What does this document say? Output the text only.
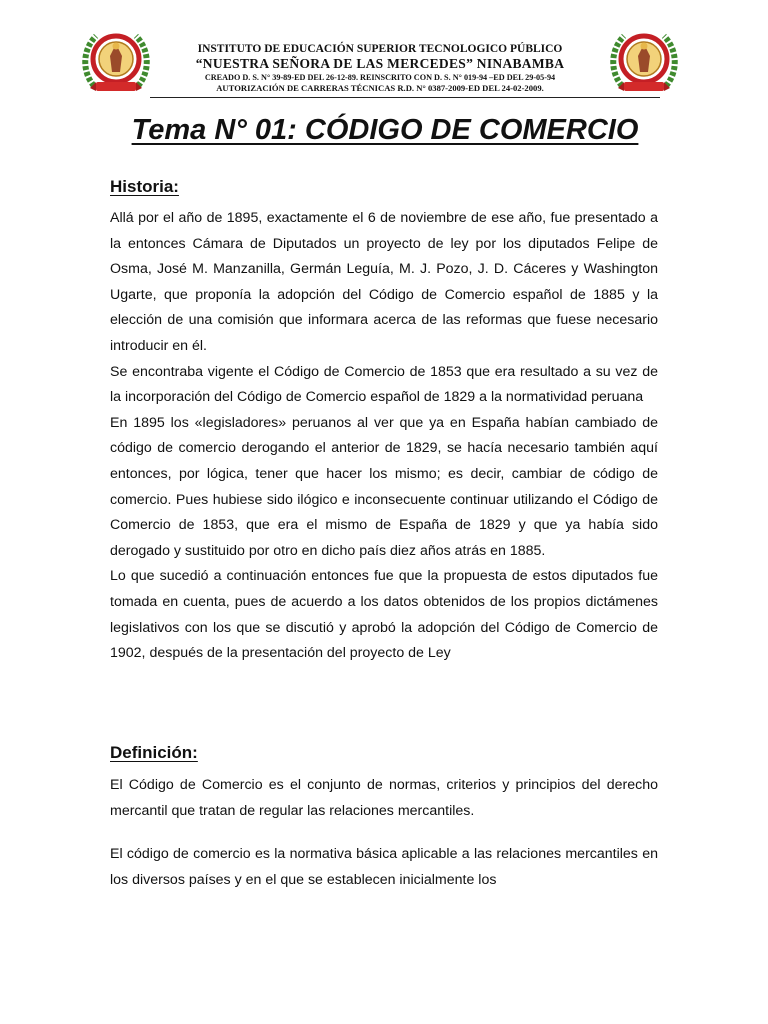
INSTITUTO DE EDUCACIÓN SUPERIOR TECNOLOGICO PÚBLICO
“NUESTRA SEÑORA DE LAS MERCEDES” NINABAMBA
CREADO D. S. N° 39-89-ED DEL 26-12-89. REINSCRITO CON D. S. N° 019-94 –ED DEL 29-05-94
AUTORIZACIÓN DE CARRERAS TÉCNICAS R.D. N° 0387-2009-ED DEL 24-02-2009.
Tema N° 01: CÓDIGO DE COMERCIO
Historia:

Allá por el año de 1895, exactamente el 6 de noviembre de ese año, fue presentado a la entonces Cámara de Diputados un proyecto de ley por los diputados Felipe de Osma, José M. Manzanilla, Germán Leguía, M. J. Pozo, J. D. Cáceres y Washington Ugarte, que proponía la adopción del Código de Comercio español de 1885 y la elección de una comisión que informara acerca de las reformas que fuese necesario introducir en él.

Se encontraba vigente el Código de Comercio de 1853 que era resultado a su vez de la incorporación del Código de Comercio español de 1829 a la normatividad peruana

En 1895 los «legisladores» peruanos al ver que ya en España habían cambiado de código de comercio derogando el anterior de 1829, se hacía necesario también aquí entonces, por lógica, tener que hacer los mismo; es decir, cambiar de código de comercio. Pues hubiese sido ilógico e inconsecuente continuar utilizando el Código de Comercio de 1853, que era el mismo de España de 1829 y que ya había sido derogado y sustituido por otro en dicho país diez años atrás en 1885.

Lo que sucedió a continuación entonces fue que la propuesta de estos diputados fue tomada en cuenta, pues de acuerdo a los datos obtenidos de los propios dictámenes legislativos con los que se discutió y aprobó la adopción del Código de Comercio de 1902, después de la presentación del proyecto de Ley

Definición:

El Código de Comercio es el conjunto de normas, criterios y principios del derecho mercantil que tratan de regular las relaciones mercantiles.

El código de comercio es la normativa básica aplicable a las relaciones mercantiles en los diversos países y en el que se establecen inicialmente los
